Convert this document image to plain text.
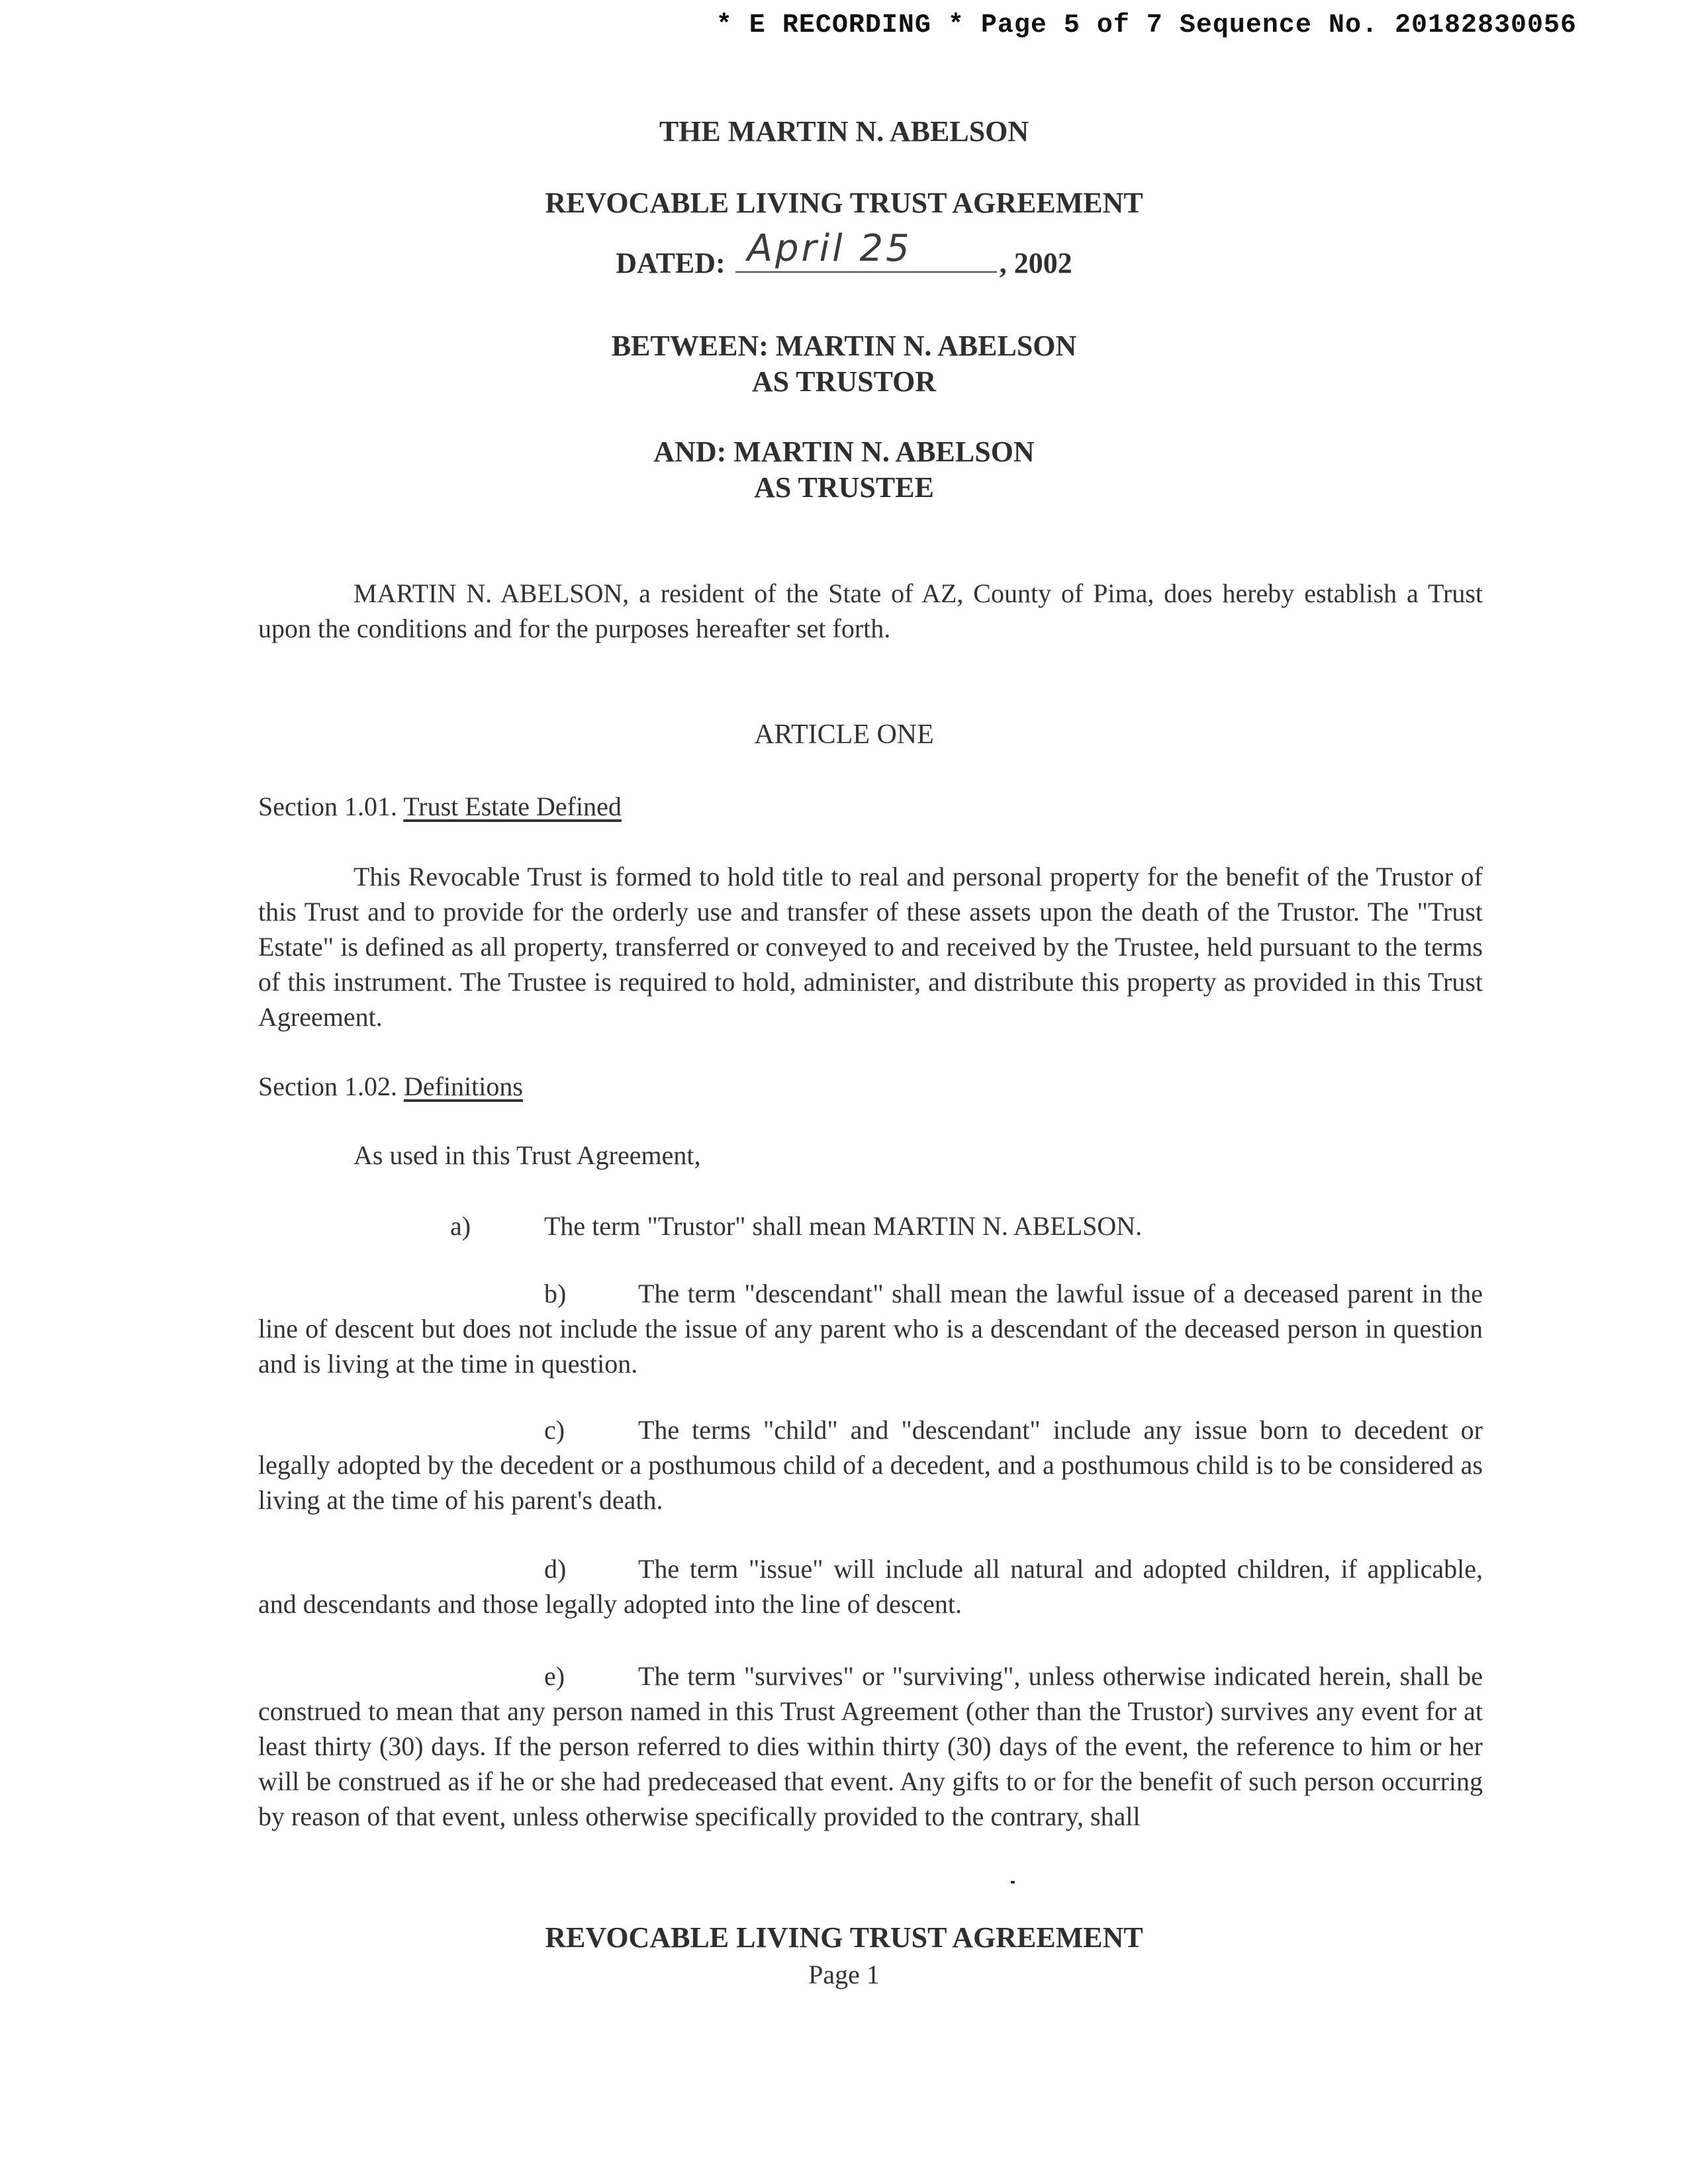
* E RECORDING * Page 5 of 7 Sequence No. 20182830056
THE MARTIN N. ABELSON
REVOCABLE LIVING TRUST AGREEMENT
DATED: April 25	, 2002
BETWEEN: MARTIN N. ABELSON
AS TRUSTOR
AND: MARTIN N. ABELSON
AS TRUSTEE
MARTIN N. ABELSON, a resident of the State of AZ, County of Pima, does hereby establish a Trust upon the conditions and for the purposes hereafter set forth.
ARTICLE ONE
Section 1.01. Trust Estate Defined
This Revocable Trust is formed to hold title to real and personal property for the benefit of the Trustor of this Trust and to provide for the orderly use and transfer of these assets upon the death of the Trustor. The "Trust Estate" is defined as all property, transferred or conveyed to and received by the Trustee, held pursuant to the terms of this instrument. The Trustee is required to hold, administer, and distribute this property as provided in this Trust Agreement.
Section 1.02. Definitions
As used in this Trust Agreement,
a)	The term "Trustor" shall mean MARTIN N. ABELSON.
b)	The term "descendant" shall mean the lawful issue of a deceased parent in the line of descent but does not include the issue of any parent who is a descendant of the deceased person in question and is living at the time in question.
c)	The terms "child" and "descendant" include any issue born to decedent or legally adopted by the decedent or a posthumous child of a decedent, and a posthumous child is to be considered as living at the time of his parent's death.
d)	The term "issue" will include all natural and adopted children, if applicable, and descendants and those legally adopted into the line of descent.
e)	The term "survives" or "surviving", unless otherwise indicated herein, shall be construed to mean that any person named in this Trust Agreement (other than the Trustor) survives any event for at least thirty (30) days. If the person referred to dies within thirty (30) days of the event, the reference to him or her will be construed as if he or she had predeceased that event. Any gifts to or for the benefit of such person occurring by reason of that event, unless otherwise specifically provided to the contrary, shall
REVOCABLE LIVING TRUST AGREEMENT
Page 1
